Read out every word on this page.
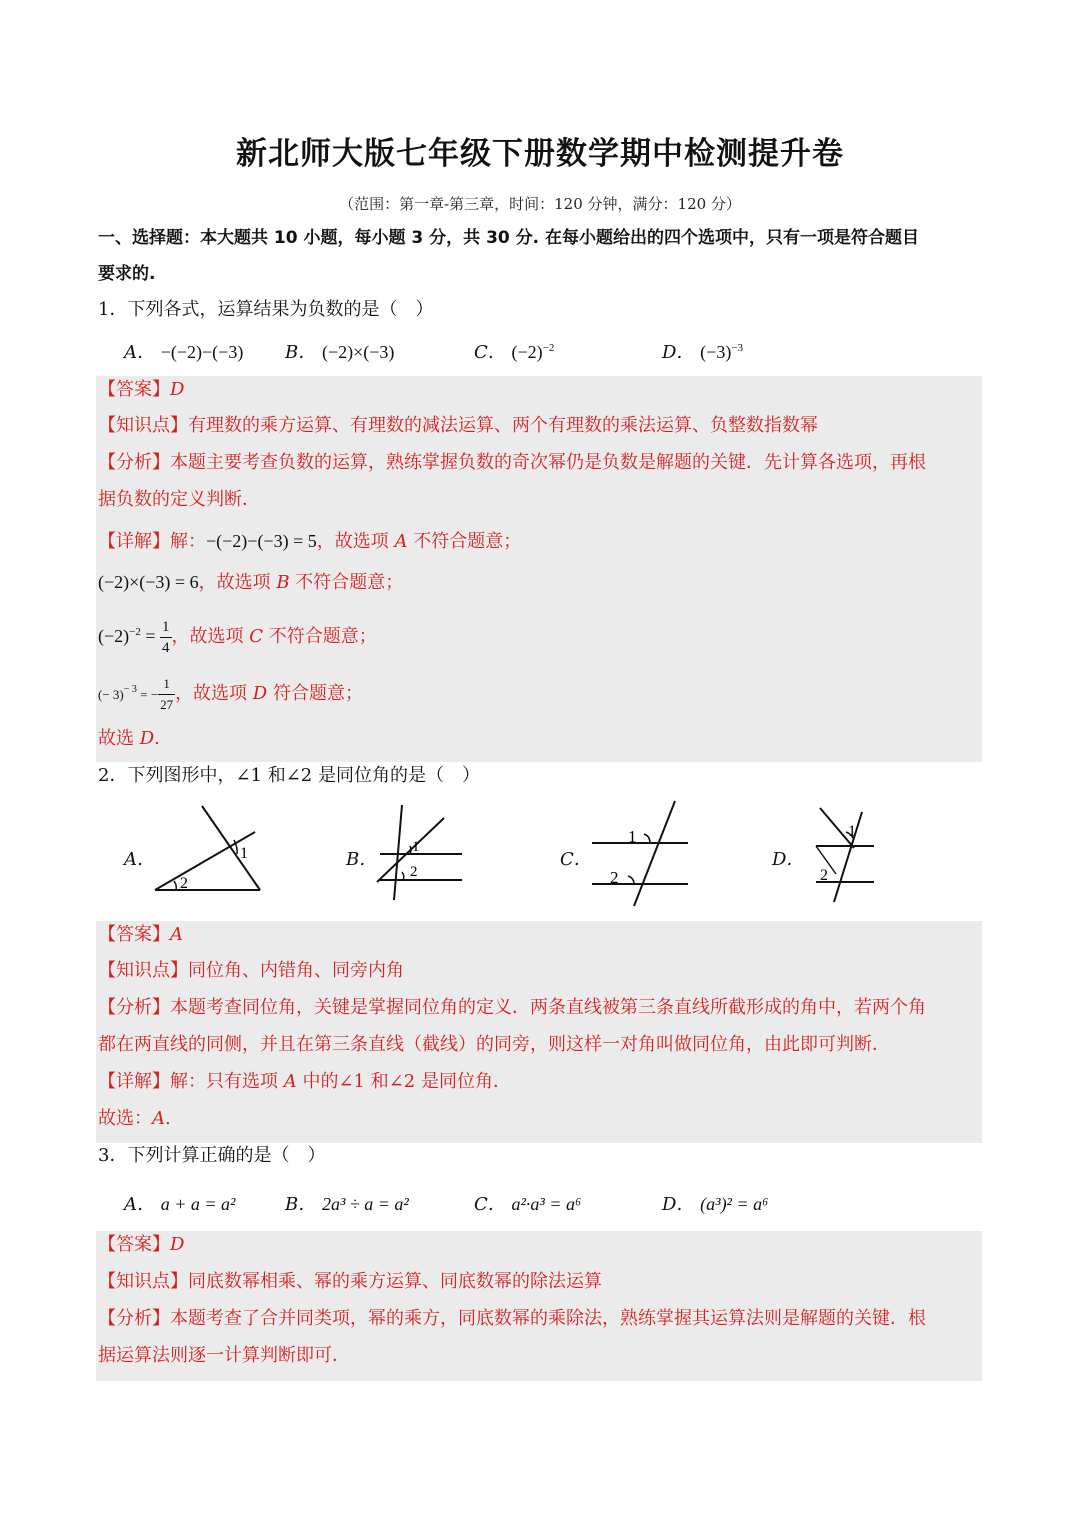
新北师大版七年级下册数学期中检测提升卷
（范围：第一章-第三章，时间：120 分钟，满分：120 分）
一、选择题：本大题共 10 小题，每小题 3 分，共 30 分. 在每小题给出的四个选项中，只有一项是符合题目
要求的.
1．下列各式，运算结果为负数的是（　）
A． −(−2)−(−3) B． (−2)×(−3)	C． $(-2)^{-2}$	D． $(-3)^{-3}$
【答案】D
【知识点】有理数的乘方运算、有理数的减法运算、两个有理数的乘法运算、负整数指数幂
【分析】本题主要考查负数的运算，熟练掌握负数的奇次幂仍是负数是解题的关键．先计算各选项，再根
据负数的定义判断．
【详解】解：−(−2)−(−3) = 5，故选项 A 不符合题意；
(−2)×(−3) = 6，故选项 B 不符合题意；
$(-2)^{-2} = \frac{1}{4}$ ，故选项 C 不符合题意；
(− 3)$^{- 3}$ = − $\frac{1}{27}$ ，故选项 D 符合题意；
故选 D.
2．下列图形中，∠1 和∠2 是同位角的是（　）
A．	1
2
B．
1
2
C．
1
2
D．
1
2
【答案】A
【知识点】同位角、内错角、同旁内角
【分析】本题考查同位角，关键是掌握同位角的定义．两条直线被第三条直线所截形成的角中，若两个角
都在两直线的同侧，并且在第三条直线（截线）的同旁，则这样一对角叫做同位角，由此即可判断．
【详解】解：只有选项 A 中的∠1 和∠2 是同位角．
故选：A.
3．下列计算正确的是（　）
A． a + a = a²	B． 2a³ ÷ a = a²	C． a²·a³ = a⁶	D． (a³)² = a⁶
【答案】D
【知识点】同底数幂相乘、幂的乘方运算、同底数幂的除法运算
【分析】本题考查了合并同类项，幂的乘方，同底数幂的乘除法，熟练掌握其运算法则是解题的关键．根
据运算法则逐一计算判断即可．
